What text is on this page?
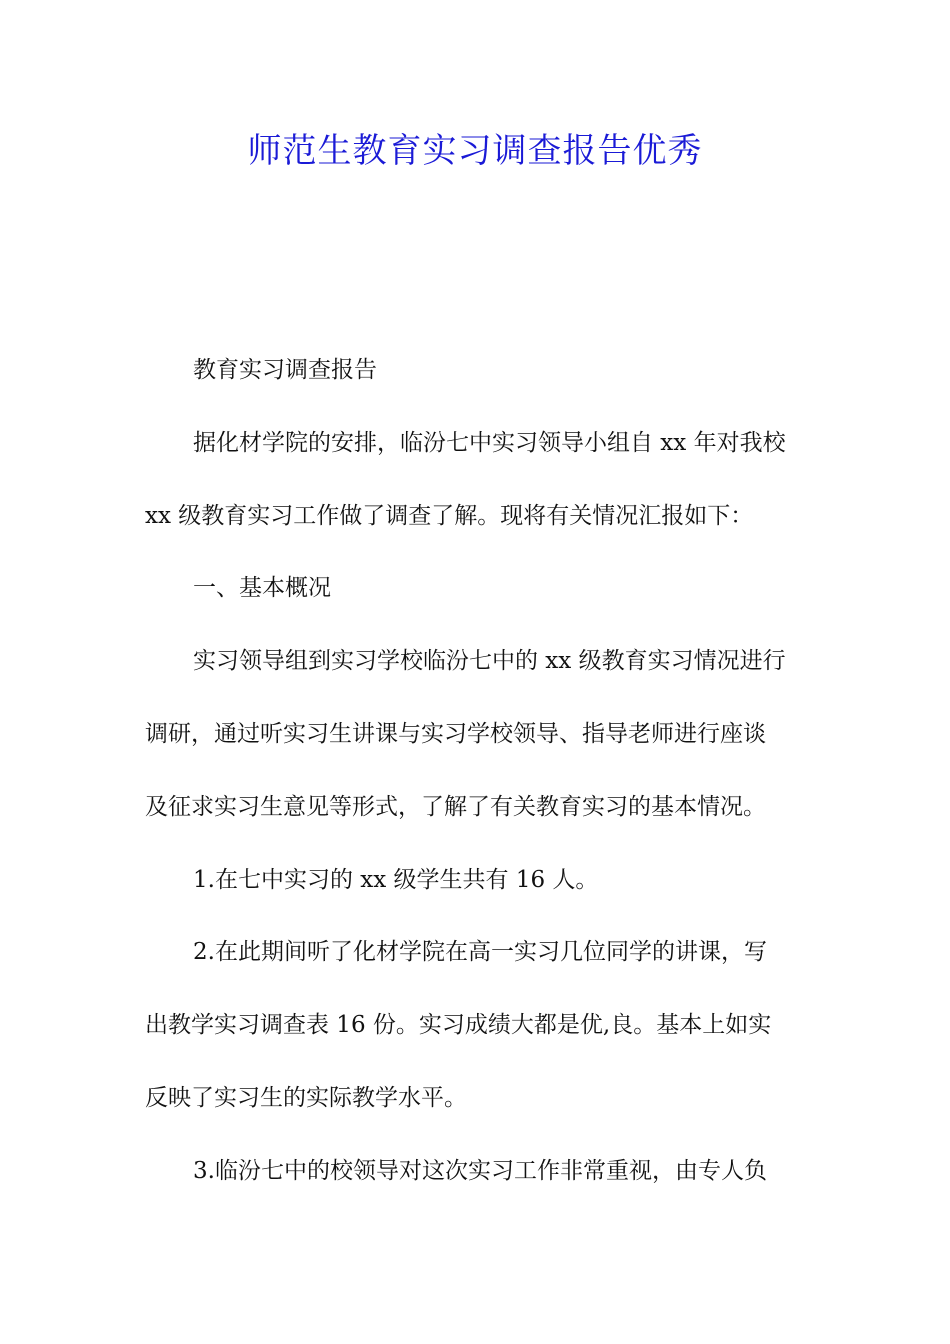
师范生教育实习调查报告优秀
教育实习调查报告
据化材学院的安排，临汾七中实习领导小组自 xx 年对我校
xx 级教育实习工作做了调查了解。现将有关情况汇报如下：
一、基本概况
实习领导组到实习学校临汾七中的 xx 级教育实习情况进行
调研，通过听实习生讲课与实习学校领导、指导老师进行座谈
及征求实习生意见等形式，了解了有关教育实习的基本情况。
1.在七中实习的 xx 级学生共有 16 人。
2.在此期间听了化材学院在高一实习几位同学的讲课，写
出教学实习调查表 16 份。实习成绩大都是优,良。基本上如实
反映了实习生的实际教学水平。
3.临汾七中的校领导对这次实习工作非常重视，由专人负
